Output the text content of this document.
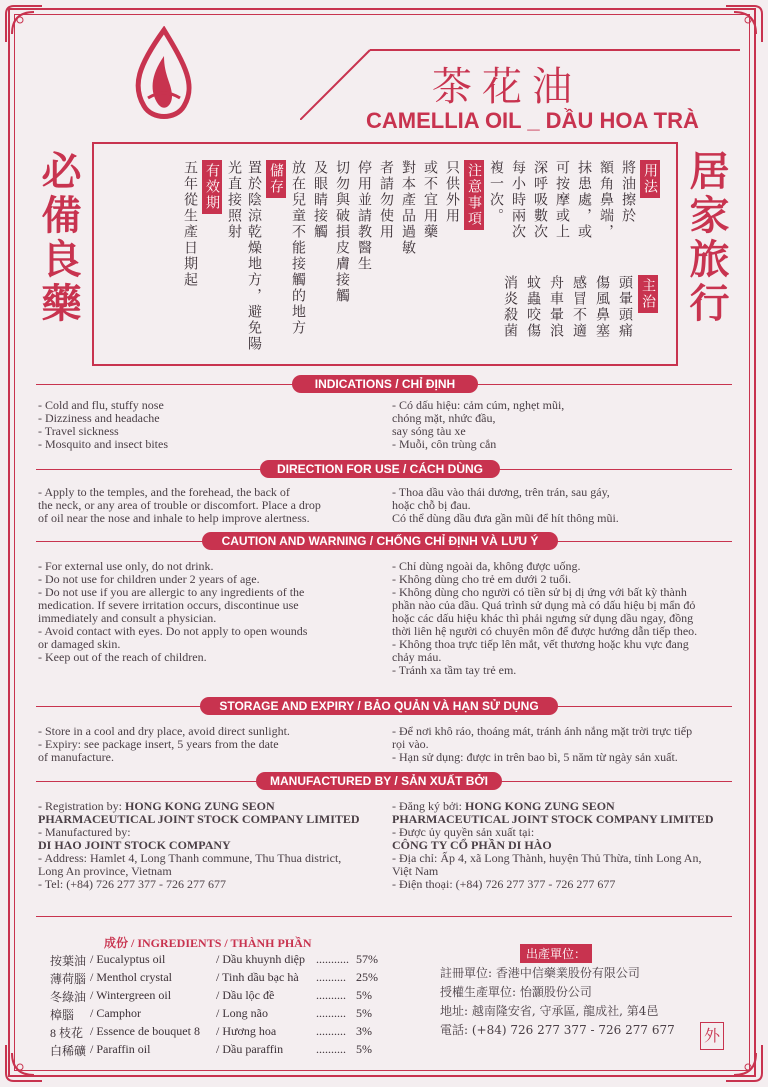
茶花油
CAMELLIA OIL _ DẦU HOA TRÀ
必備良藥	居家旅行
用法
將油擦於
額角鼻端，
抹患處，或
可按摩或上
深呼吸數次
每小時兩次
複一次。
注意事項
只供外用
或不宜用藥
對本產品過敏
者請勿使用
停用並請教醫生
切勿與破損皮膚接觸
及眼睛接觸
放在兒童不能接觸的地方
儲存
置於陰涼乾燥地方，避免陽光直接照射
有效期
五年從生產日期起
主治
頭暈頭痛
傷風鼻塞
感冒不適
舟車暈浪
蚊蟲咬傷
消炎殺菌
INDICATIONS / CHỈ ĐỊNH
- Cold and flu, stuffy nose
- Dizziness and headache
- Travel sickness
- Mosquito and insect bites
- Có dấu hiệu: cảm cúm, nghẹt mũi,
chóng mặt, nhức đầu,
say sóng tàu xe
- Muỗi, côn trùng cắn
DIRECTION FOR USE / CÁCH DÙNG
- Apply to the temples, and the forehead, the back of
the neck, or any area of trouble or discomfort. Place a drop
of oil near the nose and inhale to help improve alertness.
- Thoa dầu vào thái dương, trên trán, sau gáy,
hoặc chỗ bị đau.
Có thể dùng dầu đưa gần mũi để hít thông mũi.
CAUTION AND WARNING / CHỐNG CHỈ ĐỊNH VÀ LƯU Ý
- For external use only, do not drink.
- Do not use for children under 2 years of age.
- Do not use if you are allergic to any ingredients of the
medication. If severe irritation occurs, discontinue use
immediately and consult a physician.
- Avoid contact with eyes. Do not apply to open wounds
or damaged skin.
- Keep out of the reach of children.
- Chỉ dùng ngoài da, không được uống.
- Không dùng cho trẻ em dưới 2 tuổi.
- Không dùng cho người có tiền sử bị dị ứng với bất kỳ thành
phần nào của dầu. Quá trình sử dụng mà có dấu hiệu bị mẩn đỏ
hoặc các dấu hiệu khác thì phải ngưng sử dụng dầu ngay, đồng
thời liên hệ người có chuyên môn để được hướng dẫn tiếp theo.
- Không thoa trực tiếp lên mắt, vết thương hoặc khu vực đang
chảy máu.
- Tránh xa tầm tay trẻ em.
STORAGE AND EXPIRY / BẢO QUẢN VÀ HẠN SỬ DỤNG
- Store in a cool and dry place, avoid direct sunlight.
- Expiry: see package insert, 5 years from the date
of manufacture.
- Để nơi khô ráo, thoáng mát, tránh ánh nắng mặt trời trực tiếp
rọi vào.
- Hạn sử dụng: được in trên bao bì, 5 năm từ ngày sản xuất.
MANUFACTURED BY / SẢN XUẤT BỞI
- Registration by: HONG KONG ZUNG SEON
PHARMACEUTICAL JOINT STOCK COMPANY LIMITED
- Manufactured by:
DI HAO JOINT STOCK COMPANY
- Address: Hamlet 4, Long Thanh commune, Thu Thua district,
Long An province, Vietnam
- Tel: (+84) 726 277 377 - 726 277 677
- Đăng ký bởi: HONG KONG ZUNG SEON
PHARMACEUTICAL JOINT STOCK COMPANY LIMITED
- Được ủy quyền sản xuất tại:
CÔNG TY CỔ PHẦN DI HÀO
- Địa chỉ: Ấp 4, xã Long Thành, huyện Thủ Thừa, tỉnh Long An,
Việt Nam
- Điện thoại: (+84) 726 277 377 - 726 277 677
成份 / INGREDIENTS / THÀNH PHẦN
按葉油 / Eucalyptus oil	/ Dầu khuynh diệp ........... 57%
薄荷腦 / Menthol crystal	/ Tinh dầu bạc hà .......... 25%
冬綠油 / Wintergreen oil	/ Dầu lộc đề	.......... 5%
樟腦 / Camphor	/ Long não	.......... 5%
8 枝花 / Essence de bouquet 8 / Hương hoa	.......... 3%
白稀礦 / Paraffin oil	/ Dầu paraffin	.......... 5%
出產單位：
註冊單位: 香港中信藥業股份有限公司
授權生產單位: 怡灝股份公司
地址: 越南隆安省, 守承區, 龍成社, 第4邑
電話: (+84) 726 277 377 - 726 277 677	外
